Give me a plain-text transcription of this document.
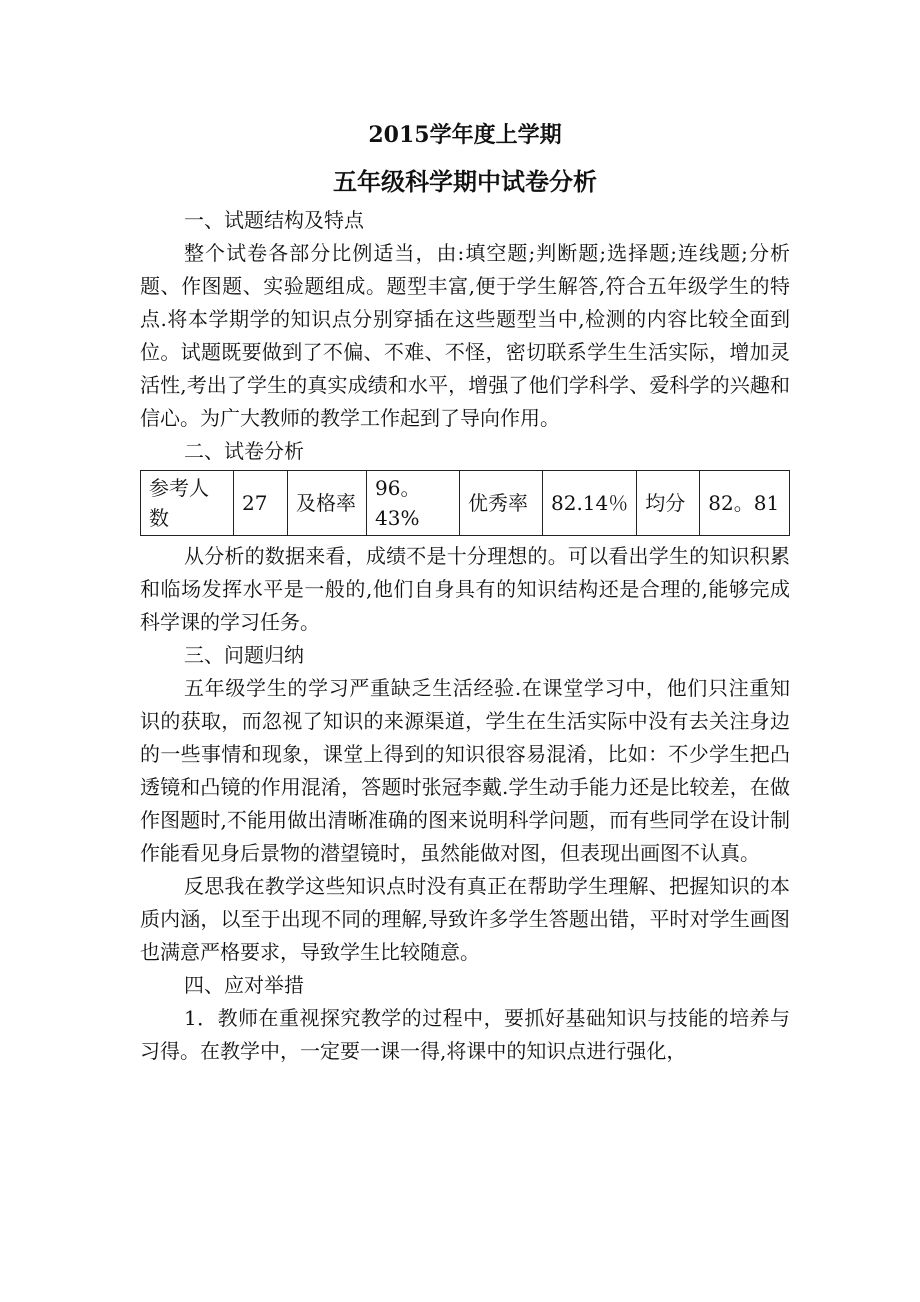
2015学年度上学期

五年级科学期中试卷分析

一、试题结构及特点

整个试卷各部分比例适当，由:填空题;判断题;选择题;连线题;分析题、作图题、实验题组成。题型丰富,便于学生解答,符合五年级学生的特点.将本学期学的知识点分别穿插在这些题型当中,检测的内容比较全面到位。试题既要做到了不偏、不难、不怪，密切联系学生生活实际，增加灵活性,考出了学生的真实成绩和水平，增强了他们学科学、爱科学的兴趣和信心。为广大教师的教学工作起到了导向作用。

二、试卷分析

参考人数	27	及格率	96。43%	优秀率	82.14％	均分	82。81

从分析的数据来看，成绩不是十分理想的。可以看出学生的知识积累和临场发挥水平是一般的,他们自身具有的知识结构还是合理的,能够完成科学课的学习任务。

三、问题归纳

五年级学生的学习严重缺乏生活经验.在课堂学习中，他们只注重知识的获取，而忽视了知识的来源渠道，学生在生活实际中没有去关注身边的一些事情和现象，课堂上得到的知识很容易混淆，比如：不少学生把凸透镜和凸镜的作用混淆，答题时张冠李戴.学生动手能力还是比较差，在做作图题时,不能用做出清晰准确的图来说明科学问题，而有些同学在设计制作能看见身后景物的潜望镜时，虽然能做对图，但表现出画图不认真。

反思我在教学这些知识点时没有真正在帮助学生理解、把握知识的本质内涵，以至于出现不同的理解,导致许多学生答题出错，平时对学生画图也满意严格要求，导致学生比较随意。

四、应对举措

1．教师在重视探究教学的过程中，要抓好基础知识与技能的培养与习得。在教学中，一定要一课一得,将课中的知识点进行强化，
